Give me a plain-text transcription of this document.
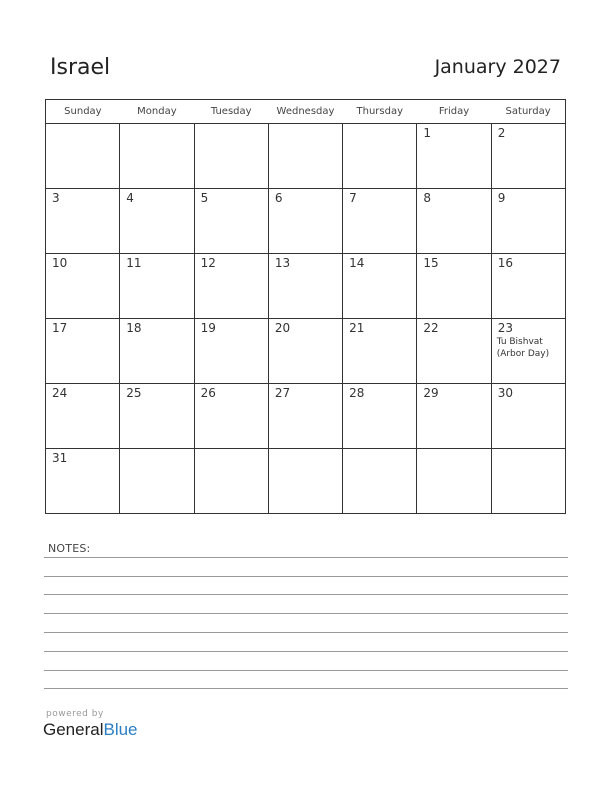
Israel	January 2027
Sunday	Monday	Tuesday	Wednesday	Thursday	Friday	Saturday

					1	2

3	4	5	6	7	8	9

10	11	12	13	14	15	16

17	18	19	20	21	22	23
Tu Bishvat
(Arbor Day)

24	25	26	27	28	29	30

31						

NOTES:
powered by
GeneralBlue
